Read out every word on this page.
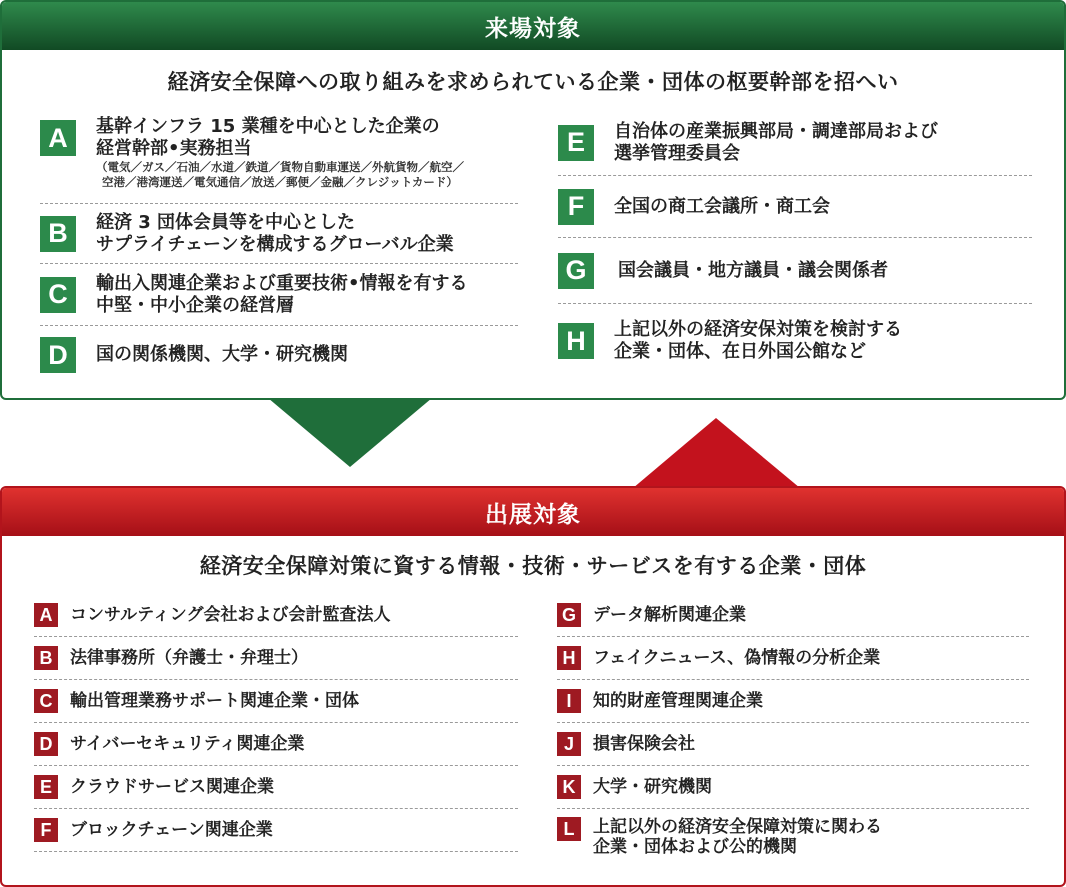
来場対象
経済安全保障への取り組みを求められている企業・団体の枢要幹部を招へい
A	基幹インフラ 15 業種を中心とした企業の
経営幹部•実務担当
（電気／ガス／石油／水道／鉄道／貨物自動車運送／外航貨物／航空／
空港／港湾運送／電気通信／放送／郵便／金融／クレジットカード）
B	経済 3 団体会員等を中心とした
サプライチェーンを構成するグローバル企業
C	輸出入関連企業および重要技術•情報を有する
中堅・中小企業の経営層
D	国の関係機関、大学・研究機関
E	自治体の産業振興部局・調達部局および
選挙管理委員会
F	全国の商工会議所・商工会
G	国会議員・地方議員・議会関係者
H	上記以外の経済安保対策を検討する
企業・団体、在日外国公館など
出展対象
経済安全保障対策に資する情報・技術・サービスを有する企業・団体
A	コンサルティング会社および会計監査法人
B	法律事務所（弁護士・弁理士）
C	輸出管理業務サポート関連企業・団体
D	サイバーセキュリティ関連企業
E	クラウドサービス関連企業
F	ブロックチェーン関連企業
G データ解析関連企業
H	フェイクニュース、偽情報の分析企業
I	知的財産管理関連企業
J	損害保険会社
K	大学・研究機関
L	上記以外の経済安全保障対策に関わる
企業・団体および公的機関
